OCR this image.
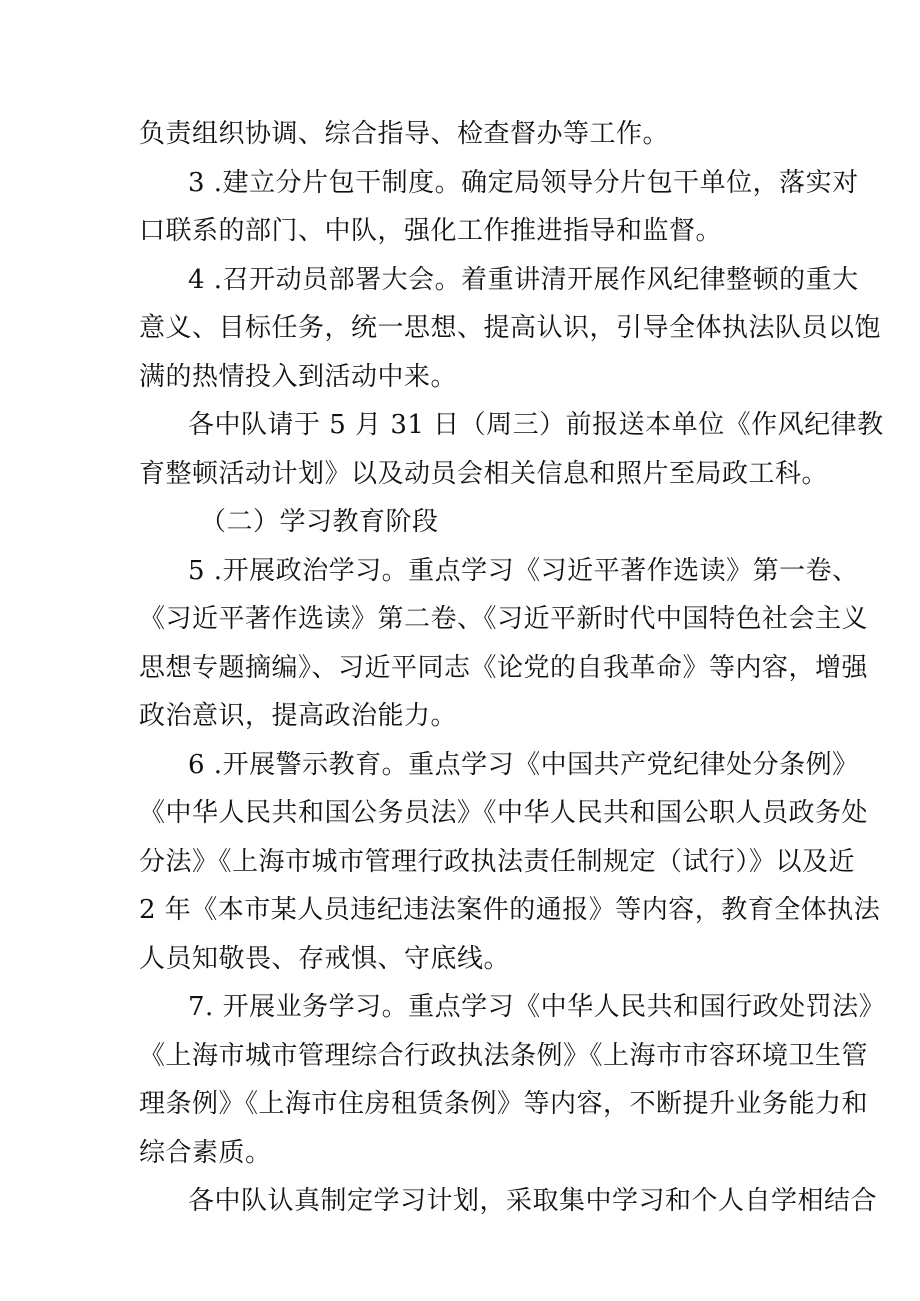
负责组织协调、综合指导、检查督办等工作。
3 .建立分片包干制度。确定局领导分片包干单位，落实对
口联系的部门、中队，强化工作推进指导和监督。
4 .召开动员部署大会。着重讲清开展作风纪律整顿的重大
意义、目标任务，统一思想、提高认识，引导全体执法队员以饱
满的热情投入到活动中来。
各中队请于 5 月 31 日（周三）前报送本单位《作风纪律教
育整顿活动计划》以及动员会相关信息和照片至局政工科。
（二）学习教育阶段
5 .开展政治学习。重点学习《习近平著作选读》第一卷、
《习近平著作选读》第二卷、《习近平新时代中国特色社会主义
思想专题摘编》、习近平同志《论党的自我革命》等内容，增强
政治意识，提高政治能力。
6 .开展警示教育。重点学习《中国共产党纪律处分条例》
《中华人民共和国公务员法》《中华人民共和国公职人员政务处
分法》《上海市城市管理行政执法责任制规定（试行）》以及近
2 年《本市某人员违纪违法案件的通报》等内容，教育全体执法
人员知敬畏、存戒惧、守底线。
7. 开展业务学习。重点学习《中华人民共和国行政处罚法》
《上海市城市管理综合行政执法条例》《上海市市容环境卫生管
理条例》《上海市住房租赁条例》等内容，不断提升业务能力和
综合素质。
各中队认真制定学习计划，采取集中学习和个人自学相结合
